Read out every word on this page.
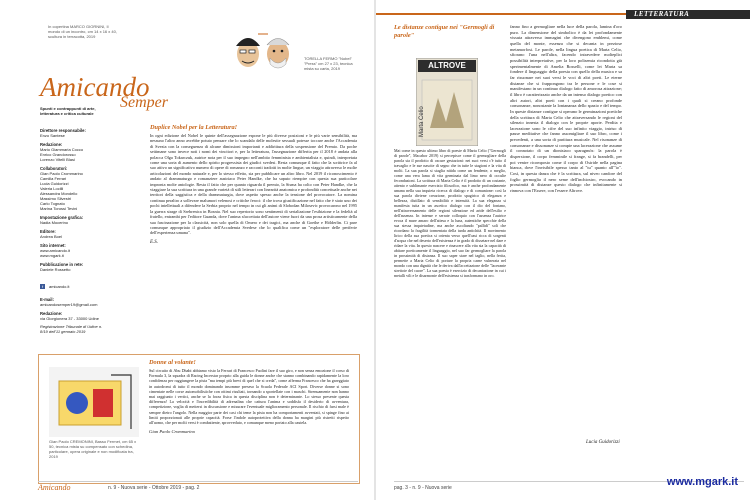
In copertina MARCO GIORNINI, Il mondo di un incontro, cm 14 x 16 x 40, scultura in terracotta, 2019
TORELLA FERMO "Nobel" "Press" cm 27 x 23, tecnica mista su carta, 2019
Amicando
Semper
Spunti e contrappunti di arte, letteratura e critica culturale
Direttore responsabile:
Enzo Santese
Redazione:
Mario Giammaria Cocco
Enrico Grandorosso
Lorenzo Vitelli Blasi
Collaboratori:
Gian Paolo Crommarino
Camilla Ferrari
Lucia Guidorizzi
Valeria Locilli
Alessandra Mondello
Massimo Silvestri
Carlo Tognato
Marina Torossi Tevini
Impostazione grafica:
Nadia Mocerino
Editore:
Andrea Boel
Sito internet:
www.amicando.it
www.mgark.it
Pubblicazione in rete:
Daniele Rossetto
f amicando.it
E-mail:
amicandosemper19@gmail.com
Redazione:
via Giorgionera 37 - 33000 Udine
Registrazione Tribunale di Udine n. 8/19 dell'11 gennaio 2019
Duplice Nobel per la Letteratura!
In ogni edizione del Nobel le quinte dell'assegnazione espone le più diverse posizioni e le più varie sensibilità, ma nessuno l'altro anno avrebbe potuto pensare che lo scandalo delle molestie sessuali potesse toccare anche l'Accademia di Svezia con la conseguenza di alcune dimissioni importanti e addirittura della sospensione del Premio. Da poche settimane sono invece noti i nomi dei vincitori e, per la letteratura, l'assegnazione differita per il 2018 è andata alla polacca Olga Tokarczuk, autrice nota per il suo impegno nell'ambito femminista e ambientalista e, quindi, interpretata come una sorta di aumento dello spirito progressista dei giudici svedesi. Resta comunque il fatto che la scrittrice fa al suo attivo un significativo numero di opere di romanzo e racconti tradotti in molte lingue, un viaggio attraverso le molte articolazioni del mondo naturale e, per lo stesso effetto, sia per pubblicare un altro libro. Nel 2019 il riconoscimento è andato al drammaturgo e romanziere austriaco Peter Handke, che ha saputo riempire con questa sua particolare impronta molte antologie. Resta il fatto che per quanto riguarda il premio, la Sisma ha colto con Peter Handke, che la viaggiare la sua scrittura in una grande varietà di stili letterari con linearità anatomica e profondità concettuale anche nei territori della saggistica e della drammaturgia, dove aspetto spesso anche la tensione del provocatore. La nomina continua peraltro a sollevare malumori velenosi e critiche feroci: il che trova giustificazione nel fatto che è stato uno dei pochi intellettuali a difendere la Serbia proprio nel tempo in cui gli animi di Slobodan Milosevic provocarono nel 1995 la guerra strage di Srebrenica in Bosnia. Nel suo repertorio sono sentimenti di serialiazione l'esibizione e la fedeltà al fratello, entrambi per l'editore Guanda, dove l'anima sfaccettata dell'autore viene fuori da una prosa artisticamente della sua fascinazione per la classicità, non solo quella di Omero e dei tragici, ma anche di Goethe e Hölderlin. Ci pare comunque appropriato il giudizio dell'Accademia Svedese che lo qualifica come un "esploratore delle periferie dell'esperienza umana".
E.S.
Gian Paolo CREMONINI, Basso Fermet, cm 65 x 50, tecnica mista su compensato con schedina, particolare, opera originale e non modificata tra, 2019
Donne al volante!
Sul circuito di Abu Dhabi abbiamo visto la Ferrari di Francesco Paolini fare il suo giro, e non senza emozione il corso di Formula 3, la squadra di Racing Incerstar proprio alla guida le donne anche che stanno combinando rapidamente la loro confidenza per raggiungere la pista "ma tempi più brevi di quel che si creda", come afferma Francesco che ha gareggiato in autodromi di tutto il mondo dominando insomme preseso la Scuola Federale ACI Sport. Diverse donne si sono cimentate nelle corse automobilistiche con ottimi risultati, tornando a sportellate con i maschi. Strenuamente non hanno mai raggiunto i vertici, anche se la forza fisica in questa disciplina non è determinante. Lo stesso presente questa differenza! La velocità e l'incredibilità di adrenalina che cattura l'anima e soddisfa il desiderio di avventura, competizione, voglia di mettersi in discussione e misurare l'eventuale miglioramento personale. Il rischio di farsi male è sempre dietro l'angolo. Nella maggior parte dei casi chi teme la pista non ha comportamenti avventati, si spinge fino ai limiti proporzionati alle proprie capacità. Forse l'indole autoprotettiva della donna ha margini più ristretti rispetto all'uomo, che per molti versi è combattente, sprovveduto, e comunque meno portato alla cautela.
Gian Paolo Crommarino
Amicando	n. 9 - Nuova serie - Ottobre 2019 - pag. 2
LETTERATURA
Le distanze contigue nei "Germogli di parole"
ALTROVE
Marta Celio
Mai come in questo ultimo libro di poesie di Marta Celio ("Germogli di parole", Macabor 2019) si percepisce come il germogliare della parola sia il prodotto di oscure gestazioni: nei suoi versi c'è tutto il travaglio e le sue nascite di segno che in tutte le stagioni e la vita di molti. La sua parola si staglia nitida come un fendente, o meglio, come una vera lama di vita germinata dal limo nero di occulte fecondazioni. La scrittura di Marta Celio è il prodotto di un costante, attento e sublimante esercizio filosofico, ma è anche profondamente umana nella sua inquieta ricerca di dialogo e di comunione: così la sua parola diviene creazione, prodotto spagirico di eleganza e bellezza, distillato di sensibilità e intensità. La sua eleganza si manifesta tutta in un ascetico dialogo con il dio del fontano, nell'attraversamento delle regioni silenziose ed aride dell'esilio e dell'assenza. In intense e serrate colloquio con l'assenza l'autrice evoca il mare amaro dell'attesa e la luna, autentiche specchie della sua stessa inquietudine, ma anche ascoltando "pallidi" soli che ricordano la fragilità tormentata della tarda antichità. Il movimento lirico della sua poetica si orienta verso quell'oasi ricca di sorgenti d'acqua che nel deserto dell'esistenza è in grado di dissetare nel dare e ridare la vita. In questo nascere e rinascere alla vita sta la capacità di abitare poeticamente il linguaggio, nel suo far germogliare la parola in prossimità di distanza. Il suo saper stare nel taglio, nella ferita, permette a Marta Celio di portare la propria carne vulnerata nel mondo con una dignità che le deriva dall'accettazione delle "lacerante strettoie del cuore". La sua poesia è esercizio di decantazione in cui i metalli vili e le disarmonie dell'esistenza si trasformano in oro.
fanno fino a germogliare nella luce della parola, lamina d'oro puro. La dimensione del simbolico è da lei profondamente vissuta attraverso immagini che divengono emblemi, come quella del monte, essenza che si decanta in preziose metamorfosi. Le parole, nella lingua poetica di Marta Celio, sfiorano l'una nell'altra, facendo intravedere molteplici possibilità interpretative, per la loro polisemia ricondotta già sperimentalmente di Amelia Rosselli, come lei Marta sa fondere il linguaggio della poesia con quello della musica e sa far risuonare nei suoi versi le voci di altri poeti. Le eterne distanze che si frappongono tra le persone e le cose si manifestano in un continuo dialogo fatto di amorosa attrazione; il libro è caratterizzato anche da un intenso dialogo poetico con altri autori, altri poeti con i quali si creano profonde consonanze, nonostante la lontananza dello spazio e del tempo. In queste distanze contigue si operano le germinazioni poetiche della scrittura di Marta Celio che attraversando le regioni del silenzio innesta il dialogo con le proprie aporie. Perdita e lacerazione sono le cifre del suo infinito viaggio, intriso di pause meditative che fanno assomigliare il suo libro, come i precedenti, a una sorta di partitura musicale. Nel risonanze di consonanze e dissonanze si compie una lacerazione che assume il connotato di un dionisiaco sparagmós: la parola è dispersione, il corpo femminile si frange, si fa brandelli, per poi venire ricomposto come il corpo di Osiride nella pagina bianca, dove l'invisibile spesso tanto al "tu" quanto all'"io". Così, in questa danza che è la scrittura, sul niveo candore del foglio germoglia il nero seme dell'inchiostro, evocando in prossimità di distanze questo dialogo che infinitamente si rinnova con l'Essere, con l'essere Altrove.
Lucia Guidorizzi
pag. 3 - n. 9 - Nuova serie	www.mgark.it
